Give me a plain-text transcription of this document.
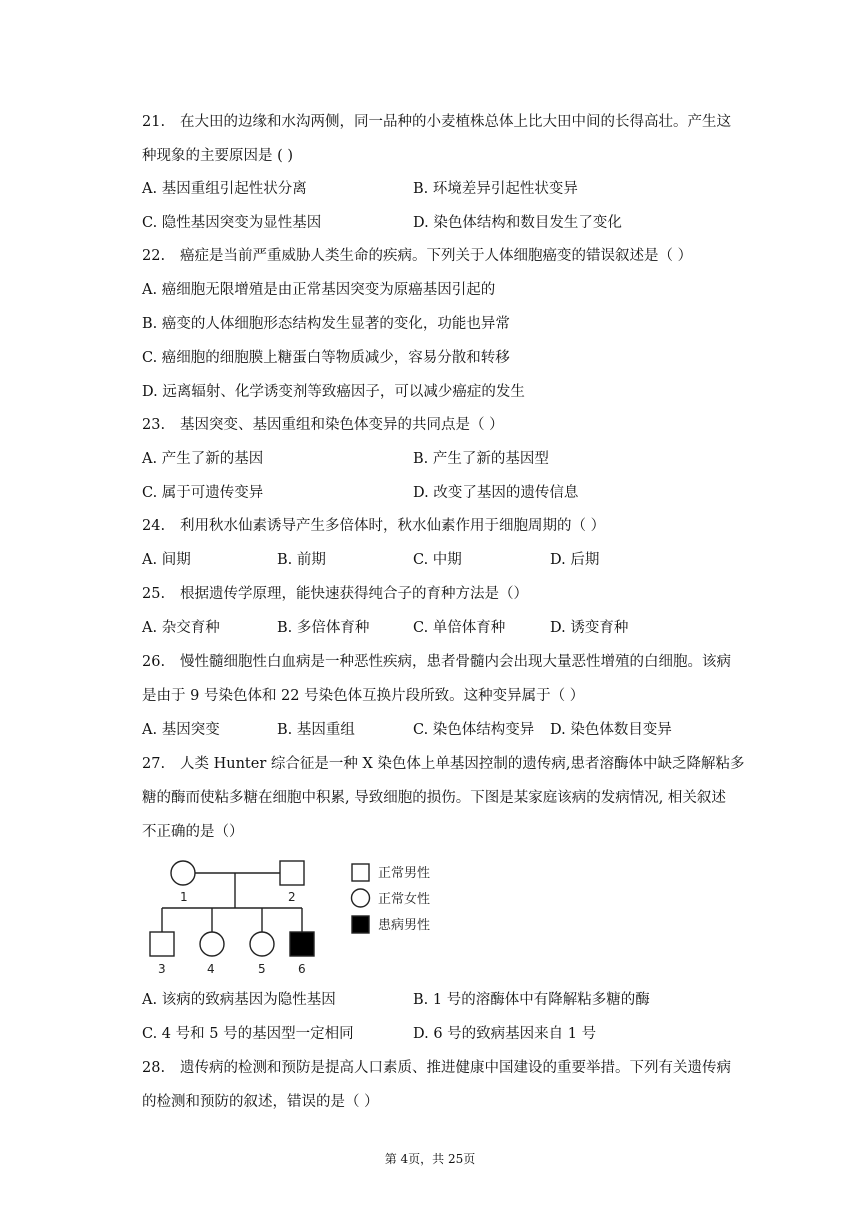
21. 在大田的边缘和水沟两侧，同一品种的小麦植株总体上比大田中间的长得高壮。产生这
种现象的主要原因是 ( )
A. 基因重组引起性状分离	B. 环境差异引起性状变异
C. 隐性基因突变为显性基因	D. 染色体结构和数目发生了变化
22. 癌症是当前严重威胁人类生命的疾病。下列关于人体细胞癌变的错误叙述是（ ）
A. 癌细胞无限增殖是由正常基因突变为原癌基因引起的
B. 癌变的人体细胞形态结构发生显著的变化，功能也异常
C. 癌细胞的细胞膜上糖蛋白等物质减少，容易分散和转移
D. 远离辐射、化学诱变剂等致癌因子，可以减少癌症的发生
23. 基因突变、基因重组和染色体变异的共同点是（ ）
A. 产生了新的基因	B. 产生了新的基因型
C. 属于可遗传变异	D. 改变了基因的遗传信息
24. 利用秋水仙素诱导产生多倍体时，秋水仙素作用于细胞周期的（ ）
A. 间期	B. 前期	C. 中期	D. 后期
25. 根据遗传学原理，能快速获得纯合子的育种方法是（）
A. 杂交育种	B. 多倍体育种	C. 单倍体育种	D. 诱变育种
26. 慢性髓细胞性白血病是一种恶性疾病，患者骨髓内会出现大量恶性增殖的白细胞。该病
是由于 9 号染色体和 22 号染色体互换片段所致。这种变异属于（ ）
A. 基因突变	B. 基因重组	C. 染色体结构变异 D. 染色体数目变异
27. 人类 Hunter 综合征是一种 X 染色体上单基因控制的遗传病,患者溶酶体中缺乏降解粘多
糖的酶而使粘多糖在细胞中积累, 导致细胞的损伤。下图是某家庭该病的发病情况, 相关叙述
不正确的是（）
1	2
3	4	5	6
正常男性
正常女性
患病男性
A. 该病的致病基因为隐性基因	B. 1 号的溶酶体中有降解粘多糖的酶
C. 4 号和 5 号的基因型一定相同	D. 6 号的致病基因来自 1 号
28. 遗传病的检测和预防是提高人口素质、推进健康中国建设的重要举措。下列有关遗传病
的检测和预防的叙述，错误的是（ ）
第 4页，共 25页
